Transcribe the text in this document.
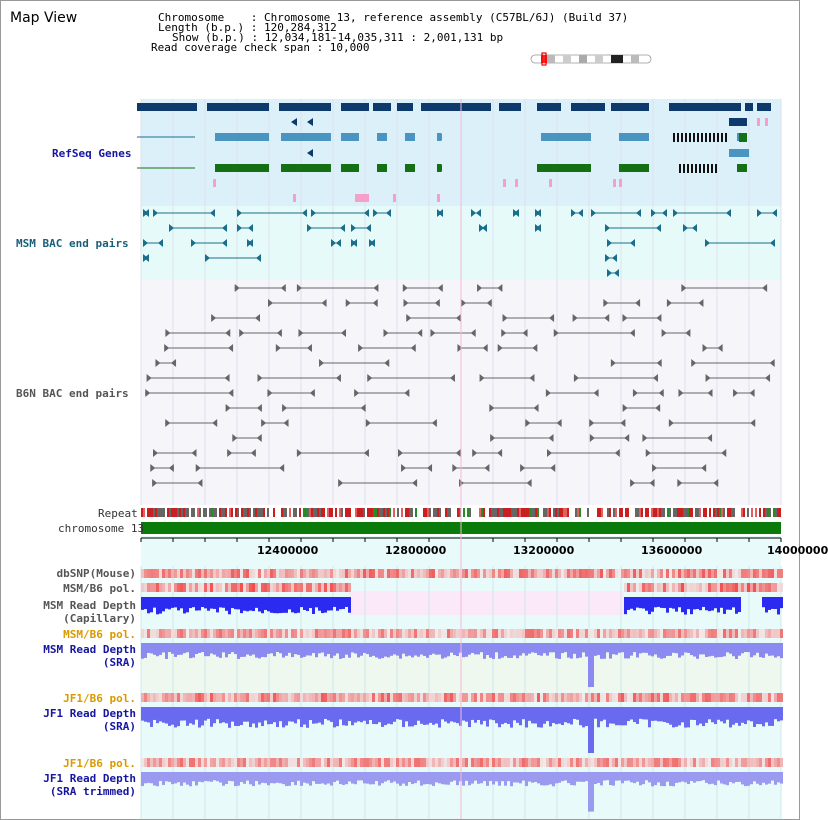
Map View	Chromosome    : Chromosome 13, reference assembly (C57BL/6J) (Build 37)
Length (b.p.) : 120,284,312
Show (b.p.) : 12,034,181-14,035,311 : 2,001,131 bp
Read coverage check span : 10,000
RefSeq Genes
MSM BAC end pairs
B6N BAC end pairs
Repeat
chromosome 13
dbSNP(Mouse)
MSM/B6 pol.
MSM Read Depth
(Capillary)
MSM/B6 pol.
MSM Read Depth
(SRA)
JF1/B6 pol.
JF1 Read Depth
(SRA)
JF1/B6 pol.
JF1 Read Depth
(SRA trimmed)
12400000	12800000	13200000	13600000	14000000
